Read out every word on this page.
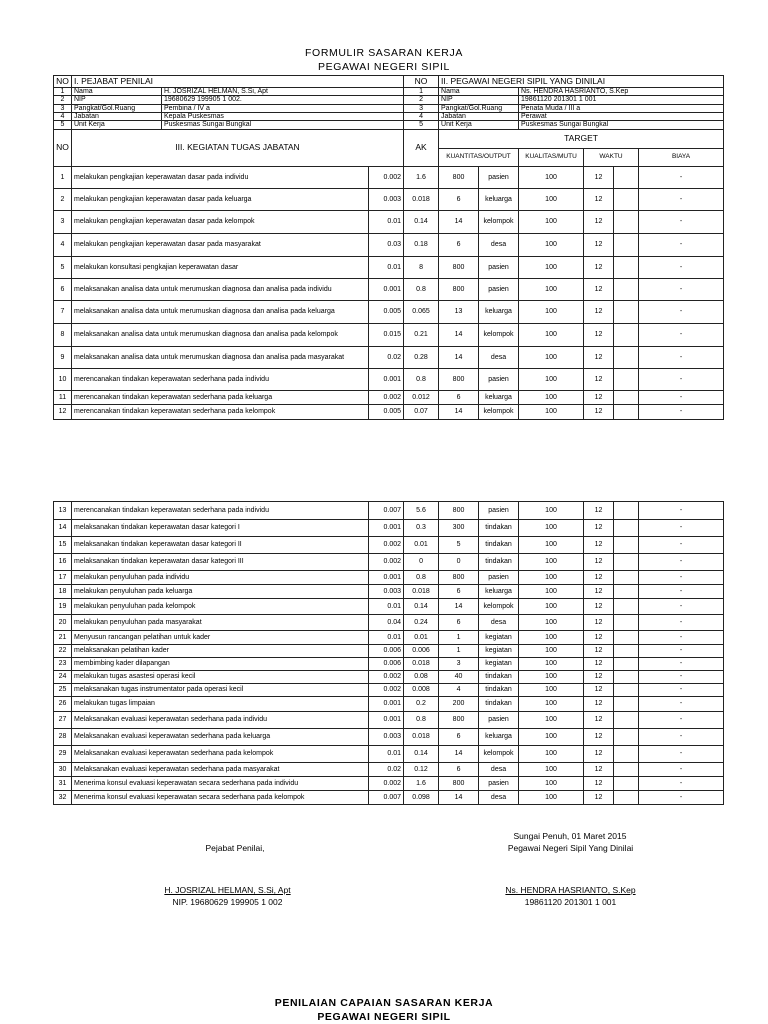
FORMULIR SASARAN KERJA
PEGAWAI NEGERI SIPIL
NO	I. PEJABAT PENILAI			NO	II. PEGAWAI NEGERI SIPIL YANG DINILAI					
1	Nama	H. JOSRIZAL HELMAN, S.Si, Apt		1	Nama		Ns. HENDRA HASRIANTO, S.Kep			
2	NIP	19680629 199905 1 002.		2	NIP		19861120 201301 1 001			
3	Pangkat/Gol.Ruang	Pembina / IV a		3	Pangkat/Gol.Ruang		Penata Muda / III a			
4	Jabatan	Kepala Puskesmas		4	Jabatan		Perawat			
5	Unit Kerja	Puskesmas Sungai Bungkal		5	Unit Kerja		Puskesmas Sungai Bungkal			
NO	III. KEGIATAN TUGAS JABATAN			AK	TARGET					
					KUANTITAS/OUTPUT		KUALITAS/MUTU	WAKTU		BIAYA
1	melakukan pengkajian keperawatan dasar pada individu		0.002	1.6	800	pasien	100	12		-
2	melakukan pengkajian keperawatan dasar pada keluarga		0.003	0.018	6	keluarga	100	12		-
3	melakukan pengkajian keperawatan dasar pada kelompok		0.01	0.14	14	kelompok	100	12		-
4	melakukan pengkajian keperawatan dasar pada masyarakat		0.03	0.18	6	desa	100	12		-
5	melakukan konsultasi pengkajian keperawatan dasar		0.01	8	800	pasien	100	12		-
6	melaksanakan analisa data untuk merumuskan diagnosa dan analisa pada individu		0.001	0.8	800	pasien	100	12		-
7	melaksanakan analisa data untuk merumuskan diagnosa dan analisa pada keluarga		0.005	0.065	13	keluarga	100	12		-
8	melaksanakan analisa data untuk merumuskan diagnosa dan analisa pada kelompok		0.015	0.21	14	kelompok	100	12		-
9	melaksanakan analisa data untuk merumuskan diagnosa dan analisa pada masyarakat		0.02	0.28	14	desa	100	12		-
10	merencanakan tindakan keperawatan sederhana pada individu		0.001	0.8	800	pasien	100	12		-
11	merencanakan tindakan keperawatan sederhana pada keluarga		0.002	0.012	6	keluarga	100	12		-
12	merencanakan tindakan keperawatan sederhana pada kelompok		0.005	0.07	14	kelompok	100	12		-
13	merencanakan tindakan keperawatan sederhana pada individu	0.007	5.6	800	pasien	100	12		-
14	melaksanakan tindakan keperawatan dasar kategori I	0.001	0.3	300	tindakan	100	12		-
15	melaksanakan tindakan keperawatan dasar kategori II	0.002	0.01	5	tindakan	100	12		-
16	melaksanakan tindakan keperawatan dasar kategori III	0.002	0	0	tindakan	100	12		-
17	melakukan penyuluhan pada individu	0.001	0.8	800	pasien	100	12		-
18	melakukan penyuluhan pada keluarga	0.003	0.018	6	keluarga	100	12		-
19	melakukan penyuluhan pada kelompok	0.01	0.14	14	kelompok	100	12		-
20	melakukan penyuluhan pada masyarakat	0.04	0.24	6	desa	100	12		-
21	Menyusun rancangan pelatihan untuk kader	0.01	0.01	1	kegiatan	100	12		-
22	melaksanakan pelatihan kader	0.006	0.006	1	kegiatan	100	12		-
23	membimbing kader dilapangan	0.006	0.018	3	kegiatan	100	12		-
24	melakukan tugas asastesi operasi kecil	0.002	0.08	40	tindakan	100	12		-
25	melaksanakan tugas instrumentator pada operasi kecil	0.002	0.008	4	tindakan	100	12		-
26	melakukan tugas limpaian	0.001	0.2	200	tindakan	100	12		-
27	Melaksanakan evaluasi keperawatan sederhana pada individu	0.001	0.8	800	pasien	100	12		-
28	Melaksanakan evaluasi keperawatan sederhana pada keluarga	0.003	0.018	6	keluarga	100	12		-
29	Melaksanakan evaluasi keperawatan sederhana pada kelompok	0.01	0.14	14	kelompok	100	12		-
30	Melaksanakan evaluasi keperawatan sederhana pada masyarakat	0.02	0.12	6	desa	100	12		-
31	Menerima konsul evaluasi keperawatan secara sederhana pada individu	0.002	1.6	800	pasien	100	12		-
32	Menerima konsul evaluasi keperawatan secara sederhana pada kelompok	0.007	0.098	14	desa	100	12		-
Sungai Penuh, 01 Maret 2015
Pejabat Penilai,	Pegawai Negeri Sipil Yang Dinilai
H. JOSRIZAL HELMAN, S.Si, Apt
NIP. 19680629 199905 1 002
Ns. HENDRA HASRIANTO, S.Kep
19861120 201301 1 001
PENILAIAN CAPAIAN SASARAN KERJA
PEGAWAI NEGERI SIPIL
